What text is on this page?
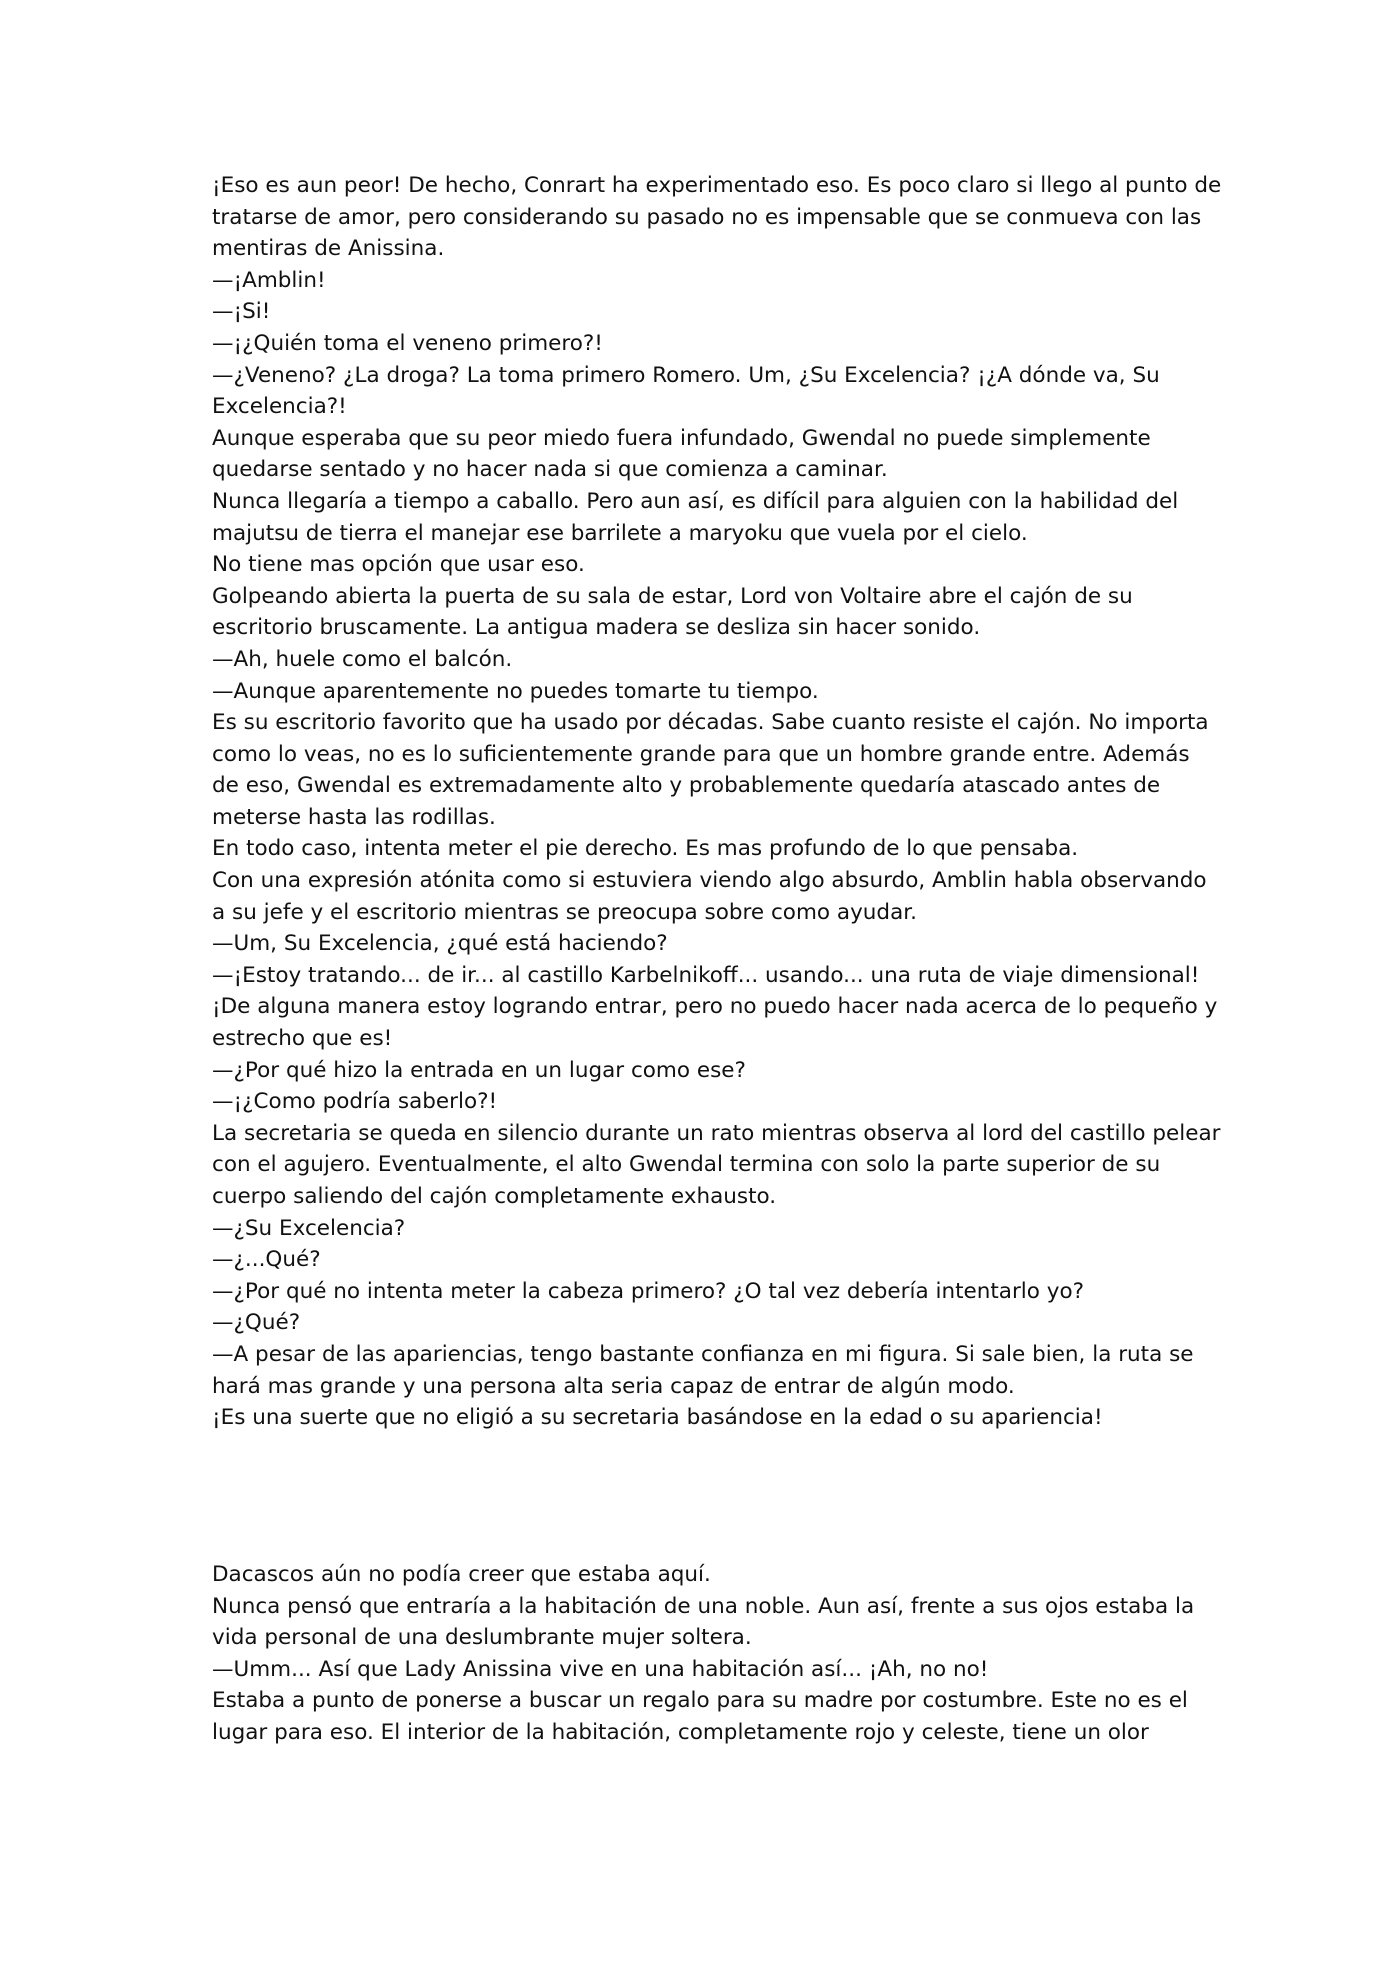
¡Eso es aun peor! De hecho, Conrart ha experimentado eso. Es poco claro si llego al punto de
tratarse de amor, pero considerando su pasado no es impensable que se conmueva con las
mentiras de Anissina.
—¡Amblin!
—¡Si!
—¡¿Quién toma el veneno primero?!
—¿Veneno? ¿La droga? La toma primero Romero. Um, ¿Su Excelencia? ¡¿A dónde va, Su
Excelencia?!
Aunque esperaba que su peor miedo fuera infundado, Gwendal no puede simplemente
quedarse sentado y no hacer nada si que comienza a caminar.
Nunca llegaría a tiempo a caballo. Pero aun así, es difícil para alguien con la habilidad del
majutsu de tierra el manejar ese barrilete a maryoku que vuela por el cielo.
No tiene mas opción que usar eso.
Golpeando abierta la puerta de su sala de estar, Lord von Voltaire abre el cajón de su
escritorio bruscamente. La antigua madera se desliza sin hacer sonido.
—Ah, huele como el balcón.
—Aunque aparentemente no puedes tomarte tu tiempo.
Es su escritorio favorito que ha usado por décadas. Sabe cuanto resiste el cajón. No importa
como lo veas, no es lo suficientemente grande para que un hombre grande entre. Además
de eso, Gwendal es extremadamente alto y probablemente quedaría atascado antes de
meterse hasta las rodillas.
En todo caso, intenta meter el pie derecho. Es mas profundo de lo que pensaba.
Con una expresión atónita como si estuviera viendo algo absurdo, Amblin habla observando
a su jefe y el escritorio mientras se preocupa sobre como ayudar.
—Um, Su Excelencia, ¿qué está haciendo?
—¡Estoy tratando... de ir... al castillo Karbelnikoff... usando... una ruta de viaje dimensional!
¡De alguna manera estoy logrando entrar, pero no puedo hacer nada acerca de lo pequeño y
estrecho que es!
—¿Por qué hizo la entrada en un lugar como ese?
—¡¿Como podría saberlo?!
La secretaria se queda en silencio durante un rato mientras observa al lord del castillo pelear
con el agujero. Eventualmente, el alto Gwendal termina con solo la parte superior de su
cuerpo saliendo del cajón completamente exhausto.
—¿Su Excelencia?
—¿...Qué?
—¿Por qué no intenta meter la cabeza primero? ¿O tal vez debería intentarlo yo?
—¿Qué?
—A pesar de las apariencias, tengo bastante confianza en mi figura. Si sale bien, la ruta se
hará mas grande y una persona alta seria capaz de entrar de algún modo.
¡Es una suerte que no eligió a su secretaria basándose en la edad o su apariencia!
Dacascos aún no podía creer que estaba aquí.
Nunca pensó que entraría a la habitación de una noble. Aun así, frente a sus ojos estaba la
vida personal de una deslumbrante mujer soltera.
—Umm... Así que Lady Anissina vive en una habitación así... ¡Ah, no no!
Estaba a punto de ponerse a buscar un regalo para su madre por costumbre. Este no es el
lugar para eso. El interior de la habitación, completamente rojo y celeste, tiene un olor
